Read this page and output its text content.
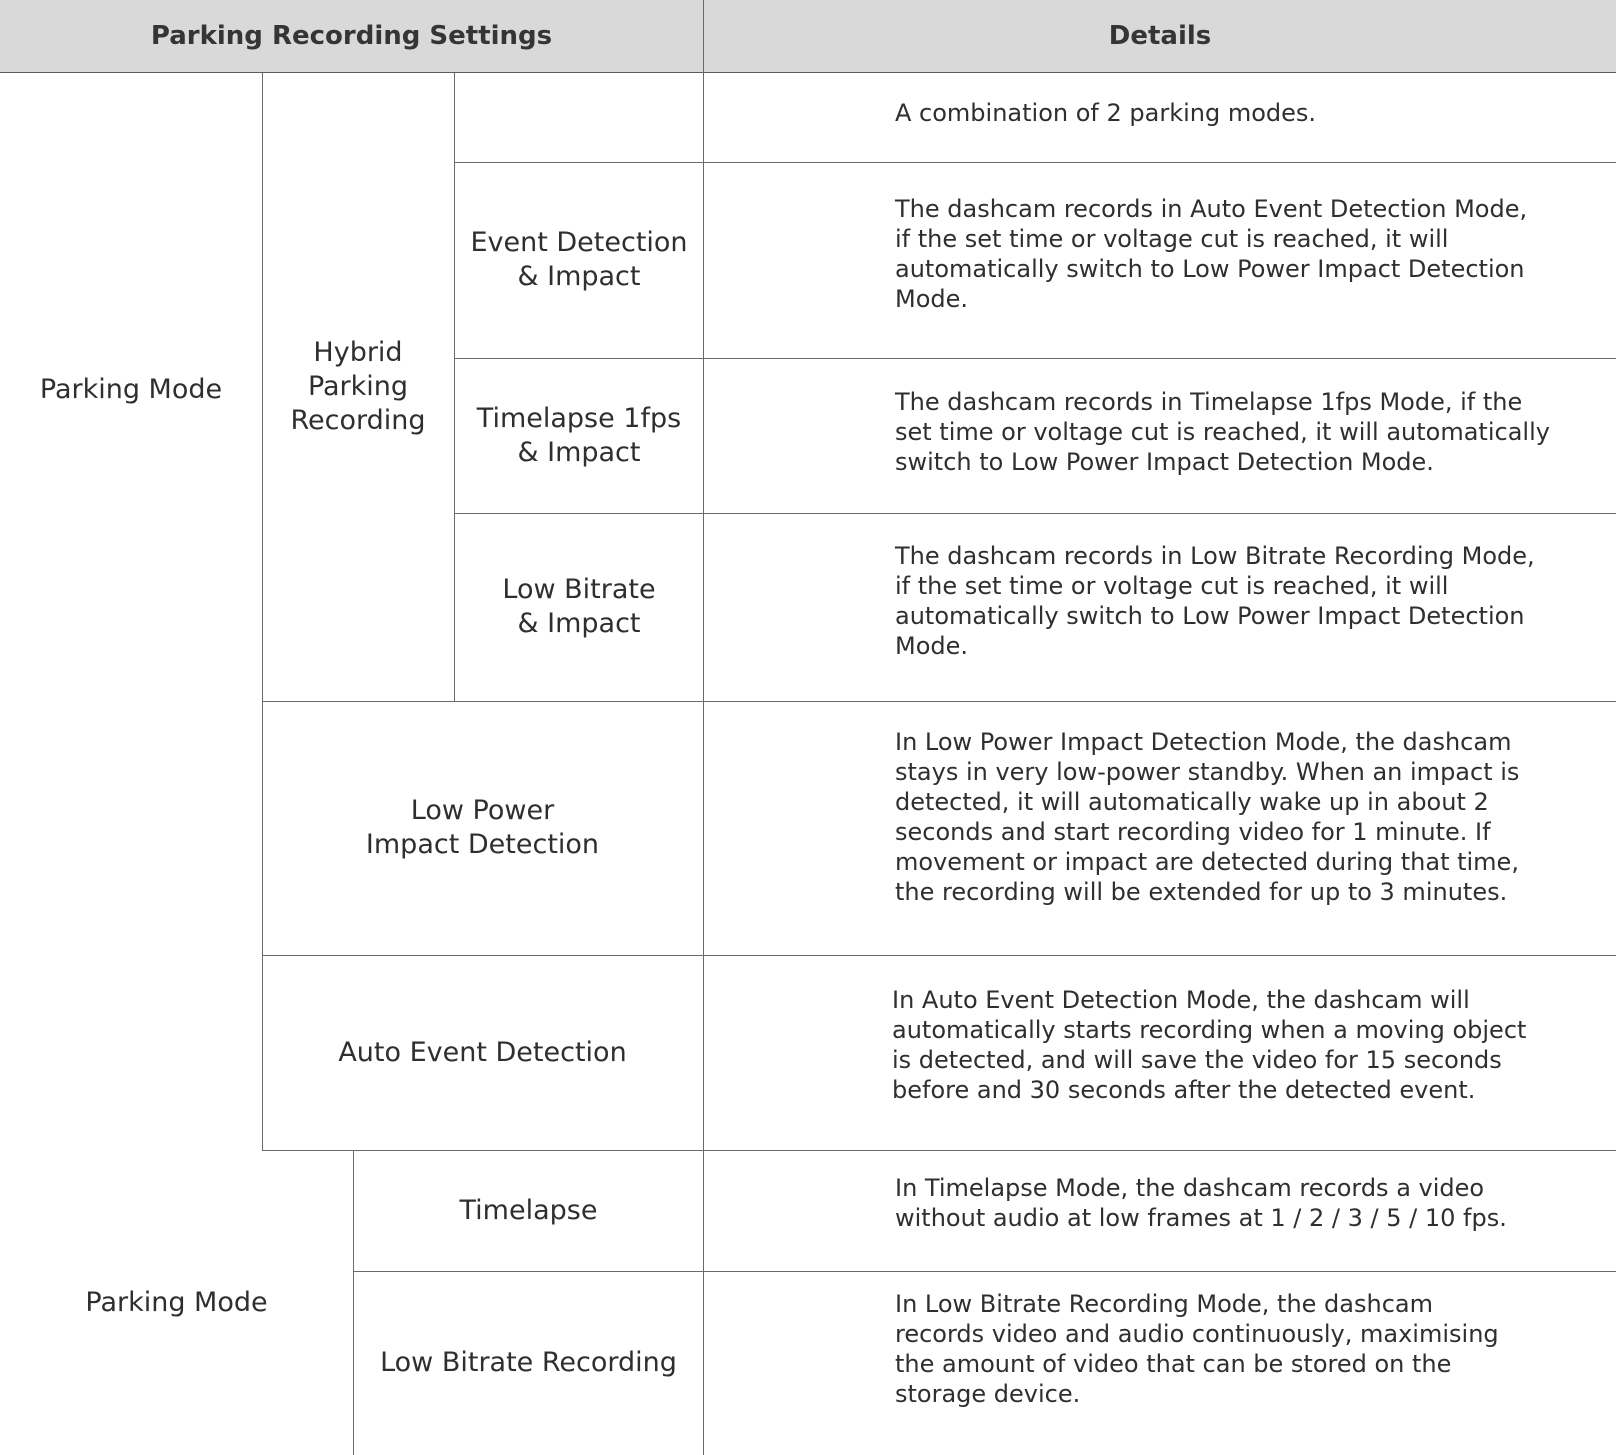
Parking Recording Settings	Details
Parking Mode
Hybrid
Parking
Recording
Event Detection
& Impact
Timelapse 1fps
& Impact
Low Bitrate
& Impact
Low Power
Impact Detection
Auto Event Detection
Parking Mode
Timelapse
Low Bitrate Recording
A combination of 2 parking modes.
The dashcam records in Auto Event Detection Mode,
if the set time or voltage cut is reached, it will
automatically switch to Low Power Impact Detection
Mode.
The dashcam records in Timelapse 1fps Mode, if the
set time or voltage cut is reached, it will automatically
switch to Low Power Impact Detection Mode.
The dashcam records in Low Bitrate Recording Mode,
if the set time or voltage cut is reached, it will
automatically switch to Low Power Impact Detection
Mode.
In Low Power Impact Detection Mode, the dashcam
stays in very low-power standby. When an impact is
detected, it will automatically wake up in about 2
seconds and start recording video for 1 minute. If
movement or impact are detected during that time,
the recording will be extended for up to 3 minutes.
In Auto Event Detection Mode, the dashcam will
automatically starts recording when a moving object
is detected, and will save the video for 15 seconds
before and 30 seconds after the detected event.
In Timelapse Mode, the dashcam records a video
without audio at low frames at 1 / 2 / 3 / 5 / 10 fps.
In Low Bitrate Recording Mode, the dashcam
records video and audio continuously, maximising
the amount of video that can be stored on the
storage device.
